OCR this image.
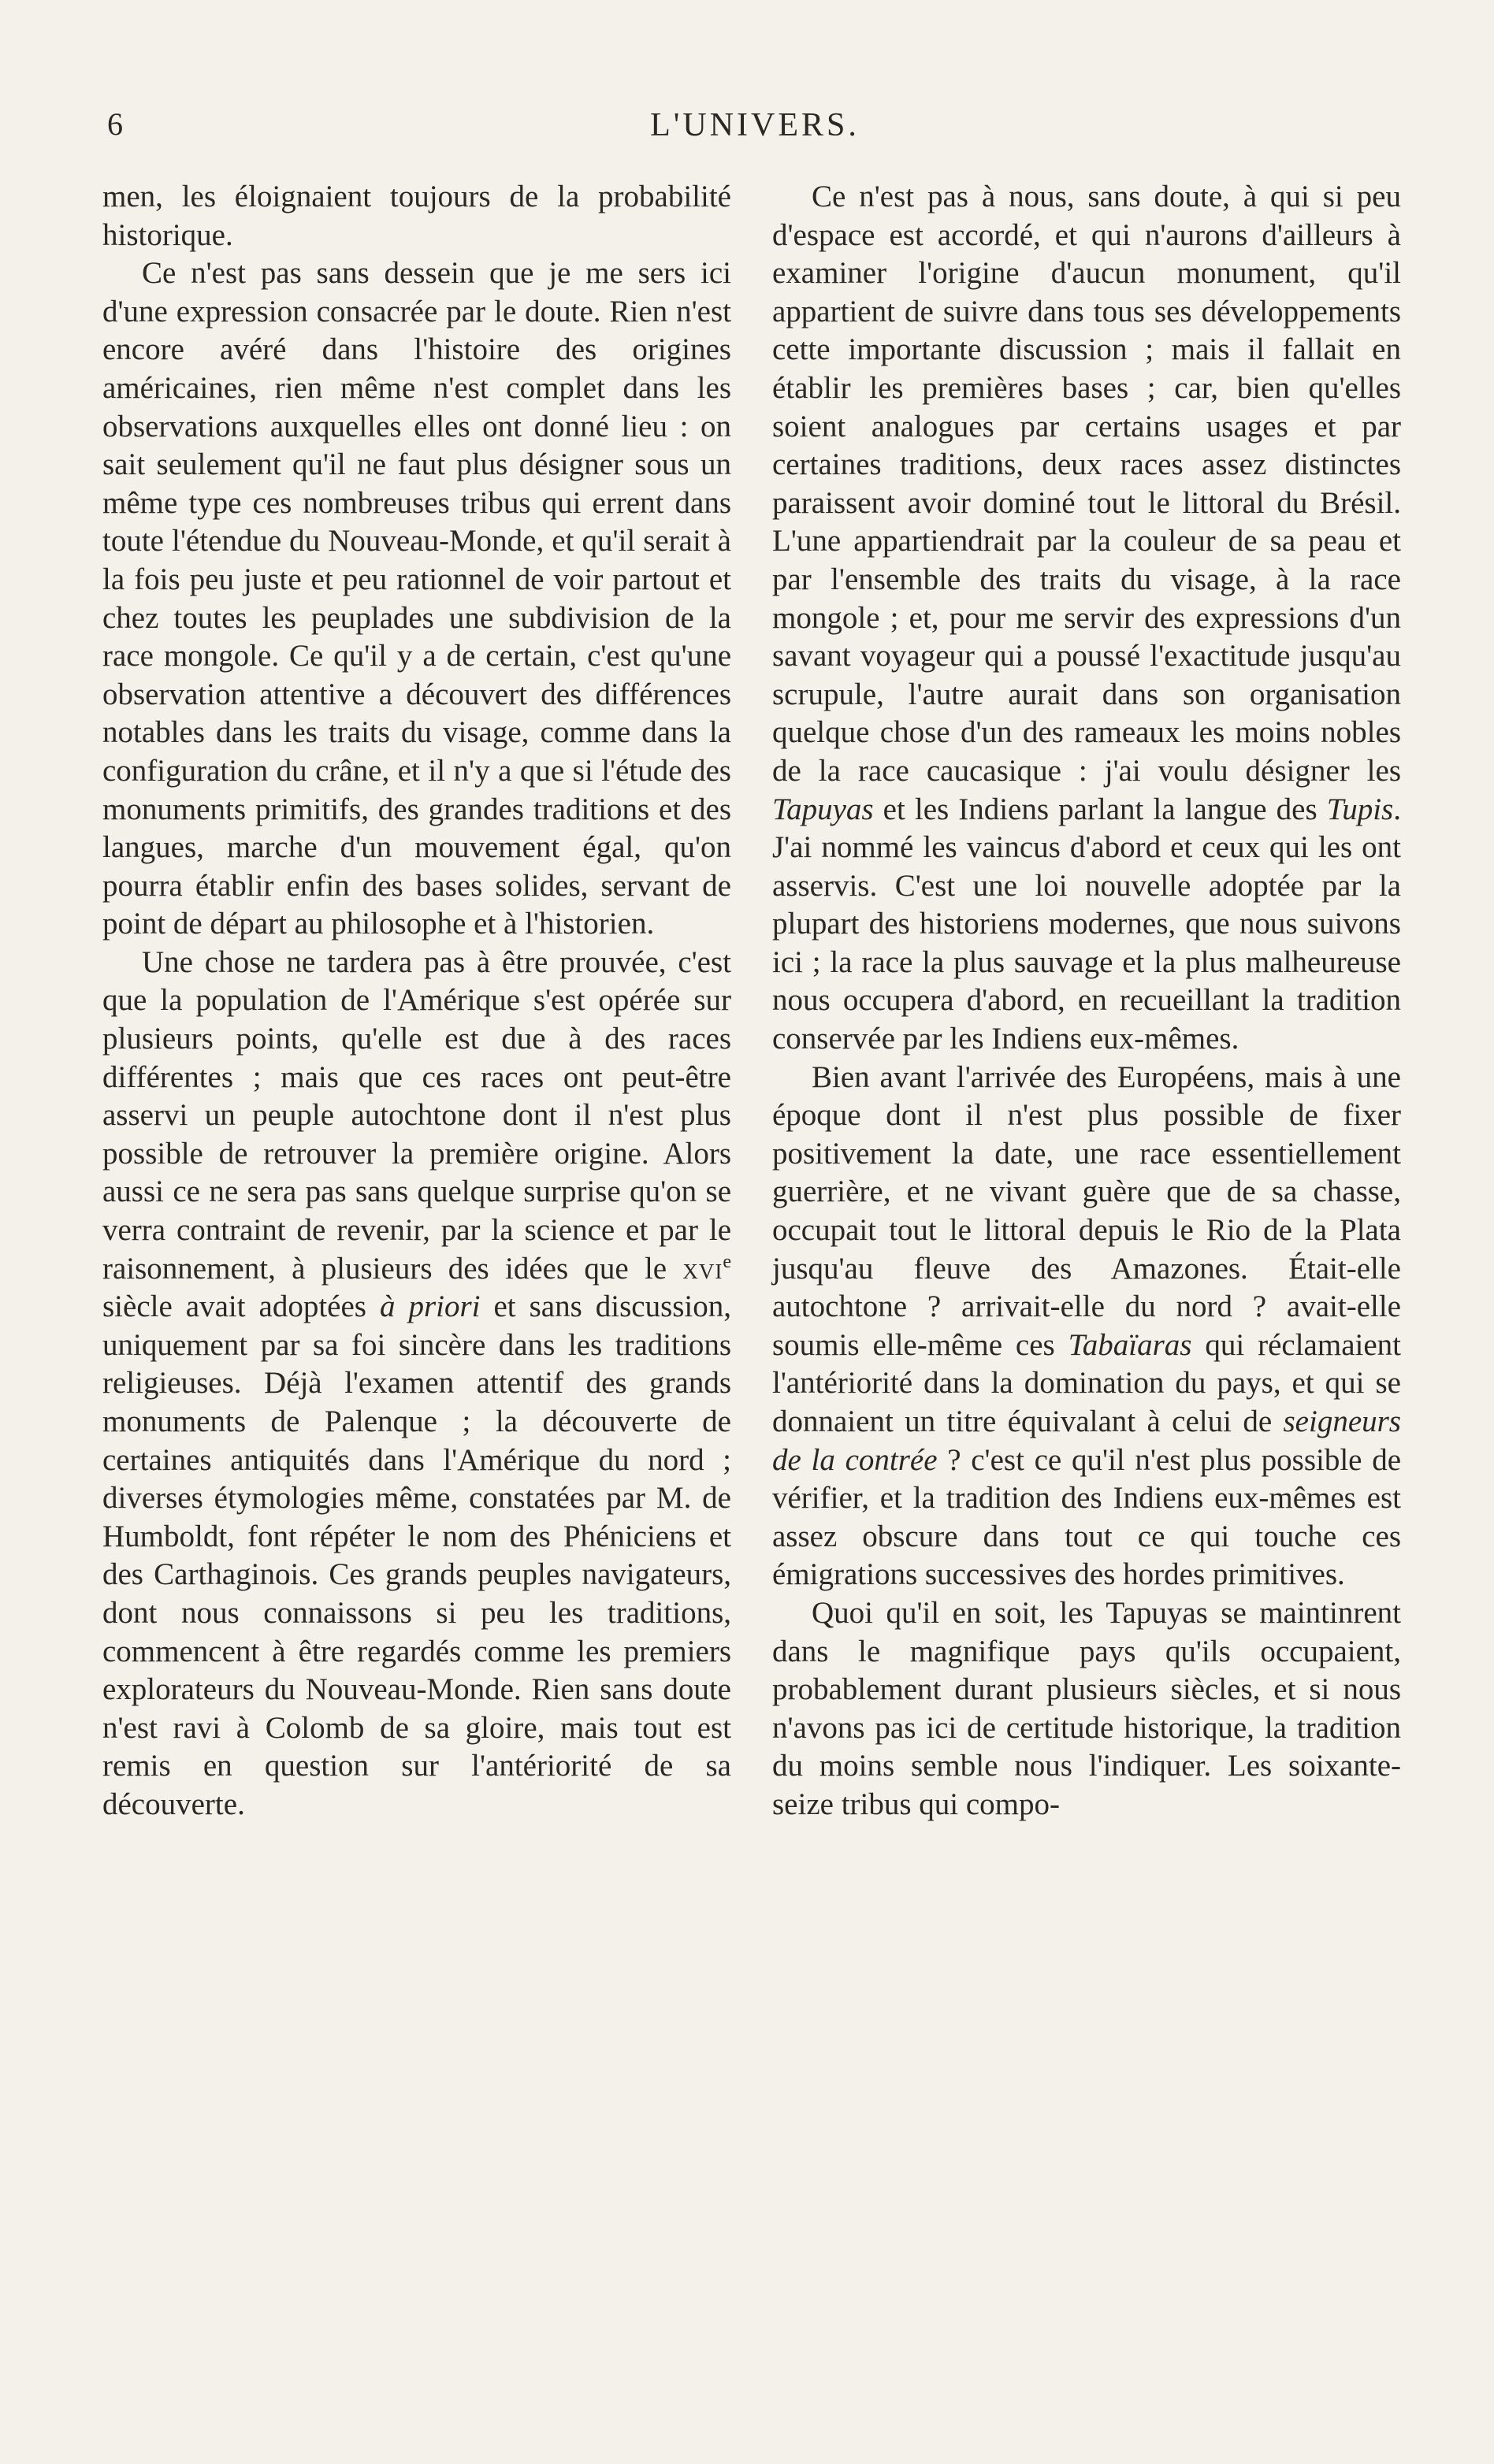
6	L'UNIVERS.

men, les éloignaient toujours de la probabilité historique.

Ce n'est pas sans dessein que je me sers ici d'une expression consacrée par le doute. Rien n'est encore avéré dans l'histoire des origines américaines, rien même n'est complet dans les observations auxquelles elles ont donné lieu : on sait seulement qu'il ne faut plus désigner sous un même type ces nombreuses tribus qui errent dans toute l'étendue du Nouveau-Monde, et qu'il serait à la fois peu juste et peu rationnel de voir partout et chez toutes les peuplades une subdivision de la race mongole. Ce qu'il y a de certain, c'est qu'une observation attentive a découvert des différences notables dans les traits du visage, comme dans la configuration du crâne, et il n'y a que si l'étude des monuments primitifs, des grandes traditions et des langues, marche d'un mouvement égal, qu'on pourra établir enfin des bases solides, servant de point de départ au philosophe et à l'historien.

Une chose ne tardera pas à être prouvée, c'est que la population de l'Amérique s'est opérée sur plusieurs points, qu'elle est due à des races différentes ; mais que ces races ont peut-être asservi un peuple autochtone dont il n'est plus possible de retrouver la première origine. Alors aussi ce ne sera pas sans quelque surprise qu'on se verra contraint de revenir, par la science et par le raisonnement, à plusieurs des idées que le xvi$^e$ siècle avait adoptées à priori et sans discussion, uniquement par sa foi sincère dans les traditions religieuses. Déjà l'examen attentif des grands monuments de Palenque ; la découverte de certaines antiquités dans l'Amérique du nord ; diverses étymologies même, constatées par M. de Humboldt, font répéter le nom des Phéniciens et des Carthaginois. Ces grands peuples navigateurs, dont nous connaissons si peu les traditions, commencent à être regardés comme les premiers explorateurs du Nouveau-Monde. Rien sans doute n'est ravi à Colomb de sa gloire, mais tout est remis en question sur l'antériorité de sa découverte.

Ce n'est pas à nous, sans doute, à qui si peu d'espace est accordé, et qui n'aurons d'ailleurs à examiner l'origine d'aucun monument, qu'il appartient de suivre dans tous ses développements cette importante discussion ; mais il fallait en établir les premières bases ; car, bien qu'elles soient analogues par certains usages et par certaines traditions, deux races assez distinctes paraissent avoir dominé tout le littoral du Brésil. L'une appartiendrait par la couleur de sa peau et par l'ensemble des traits du visage, à la race mongole ; et, pour me servir des expressions d'un savant voyageur qui a poussé l'exactitude jusqu'au scrupule, l'autre aurait dans son organisation quelque chose d'un des rameaux les moins nobles de la race caucasique : j'ai voulu désigner les Tapuyas et les Indiens parlant la langue des Tupis. J'ai nommé les vaincus d'abord et ceux qui les ont asservis. C'est une loi nouvelle adoptée par la plupart des historiens modernes, que nous suivons ici ; la race la plus sauvage et la plus malheureuse nous occupera d'abord, en recueillant la tradition conservée par les Indiens eux-mêmes.

Bien avant l'arrivée des Européens, mais à une époque dont il n'est plus possible de fixer positivement la date, une race essentiellement guerrière, et ne vivant guère que de sa chasse, occupait tout le littoral depuis le Rio de la Plata jusqu'au fleuve des Amazones. Était-elle autochtone ? arrivait-elle du nord ? avait-elle soumis elle-même ces Tabaïaras qui réclamaient l'antériorité dans la domination du pays, et qui se donnaient un titre équivalant à celui de seigneurs de la contrée ? c'est ce qu'il n'est plus possible de vérifier, et la tradition des Indiens eux-mêmes est assez obscure dans tout ce qui touche ces émigrations successives des hordes primitives.

Quoi qu'il en soit, les Tapuyas se maintinrent dans le magnifique pays qu'ils occupaient, probablement durant plusieurs siècles, et si nous n'avons pas ici de certitude historique, la tradition du moins semble nous l'indiquer. Les soixante-seize tribus qui compo-
